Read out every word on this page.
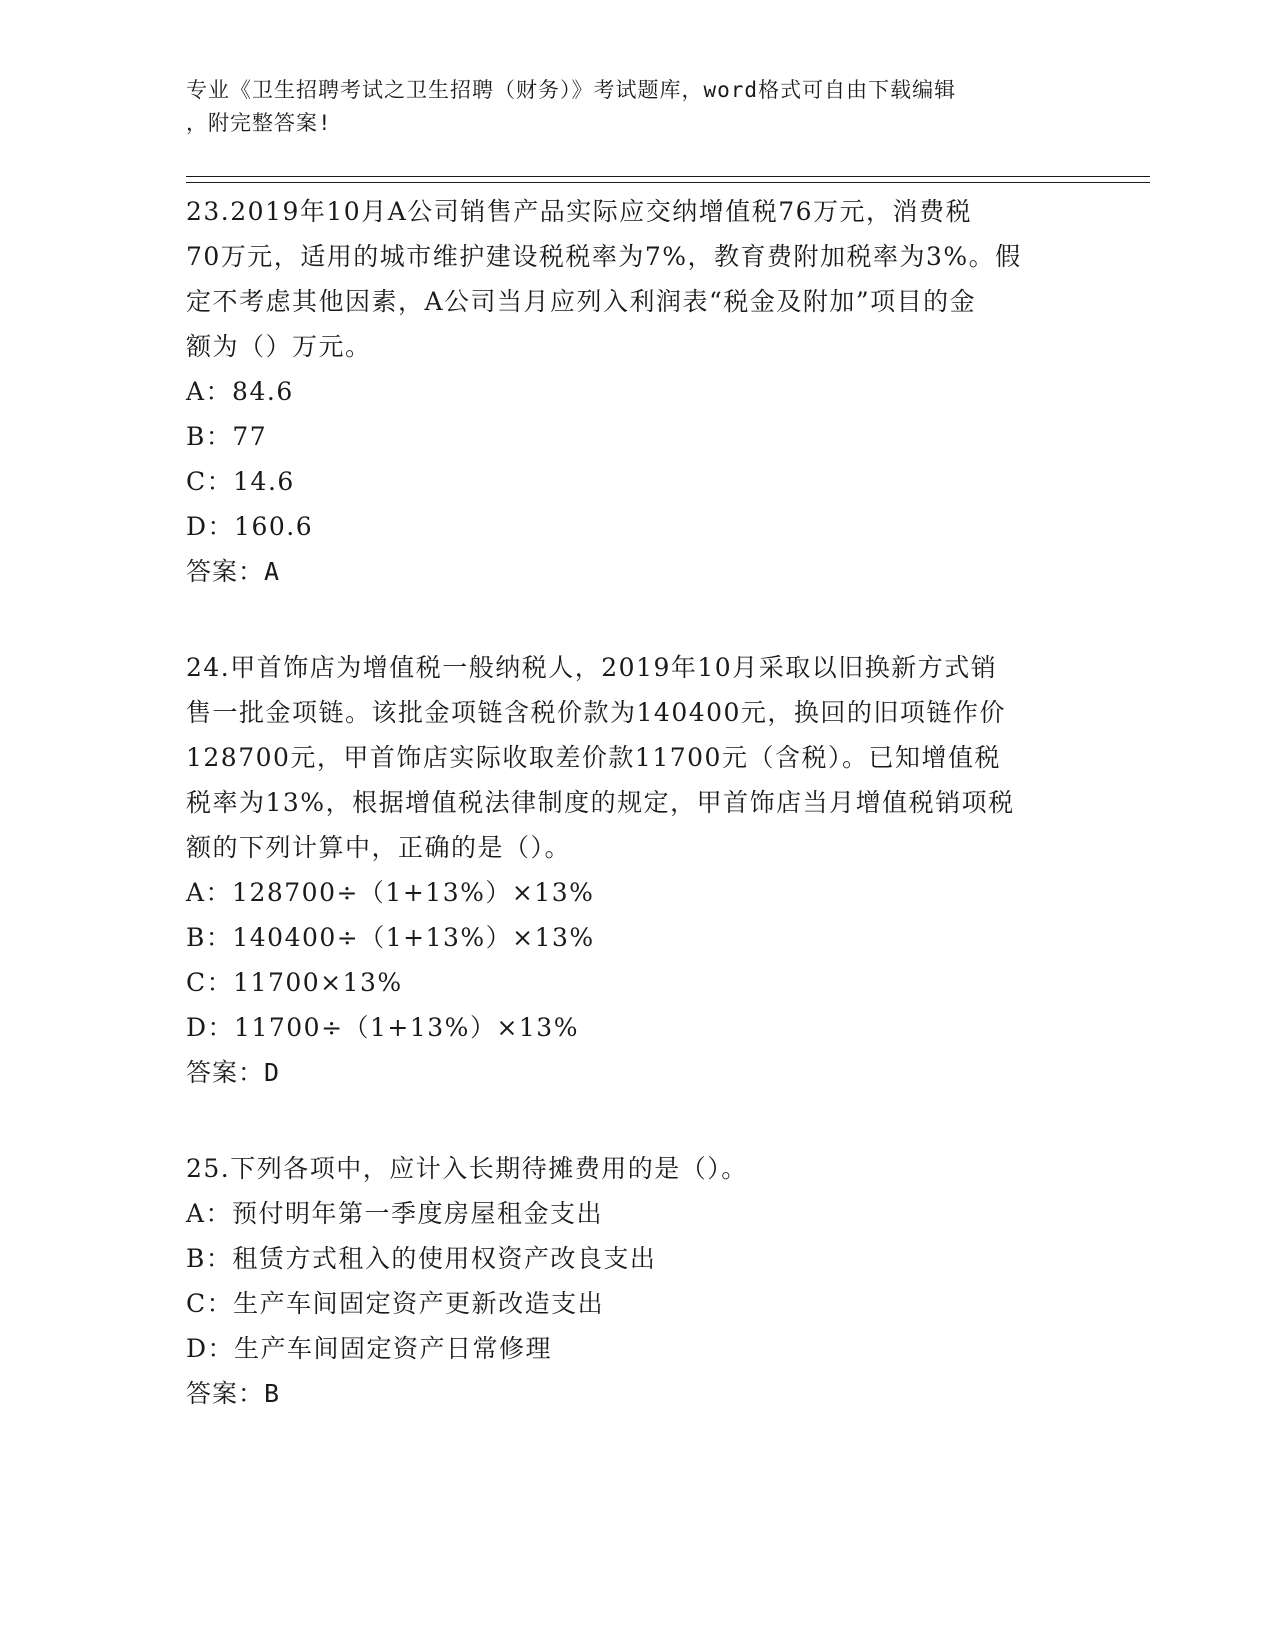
专业《卫生招聘考试之卫生招聘（财务）》考试题库，word格式可自由下载编辑
，附完整答案!
23.2019年10月A公司销售产品实际应交纳增值税76万元，消费税
70万元，适用的城市维护建设税税率为7%，教育费附加税率为3%。假
定不考虑其他因素，A公司当月应列入利润表“税金及附加”项目的金
额为（）万元。
A：84.6
B：77
C：14.6
D：160.6
答案：A
24.甲首饰店为增值税一般纳税人，2019年10月采取以旧换新方式销
售一批金项链。该批金项链含税价款为140400元，换回的旧项链作价
128700元，甲首饰店实际收取差价款11700元（含税）。已知增值税
税率为13%，根据增值税法律制度的规定，甲首饰店当月增值税销项税
额的下列计算中，正确的是（）。
A：128700÷（1+13%）×13%
B：140400÷（1+13%）×13%
C：11700×13%
D：11700÷（1+13%）×13%
答案：D
25.下列各项中，应计入长期待摊费用的是（）。
A：预付明年第一季度房屋租金支出
B：租赁方式租入的使用权资产改良支出
C：生产车间固定资产更新改造支出
D：生产车间固定资产日常修理
答案：B
